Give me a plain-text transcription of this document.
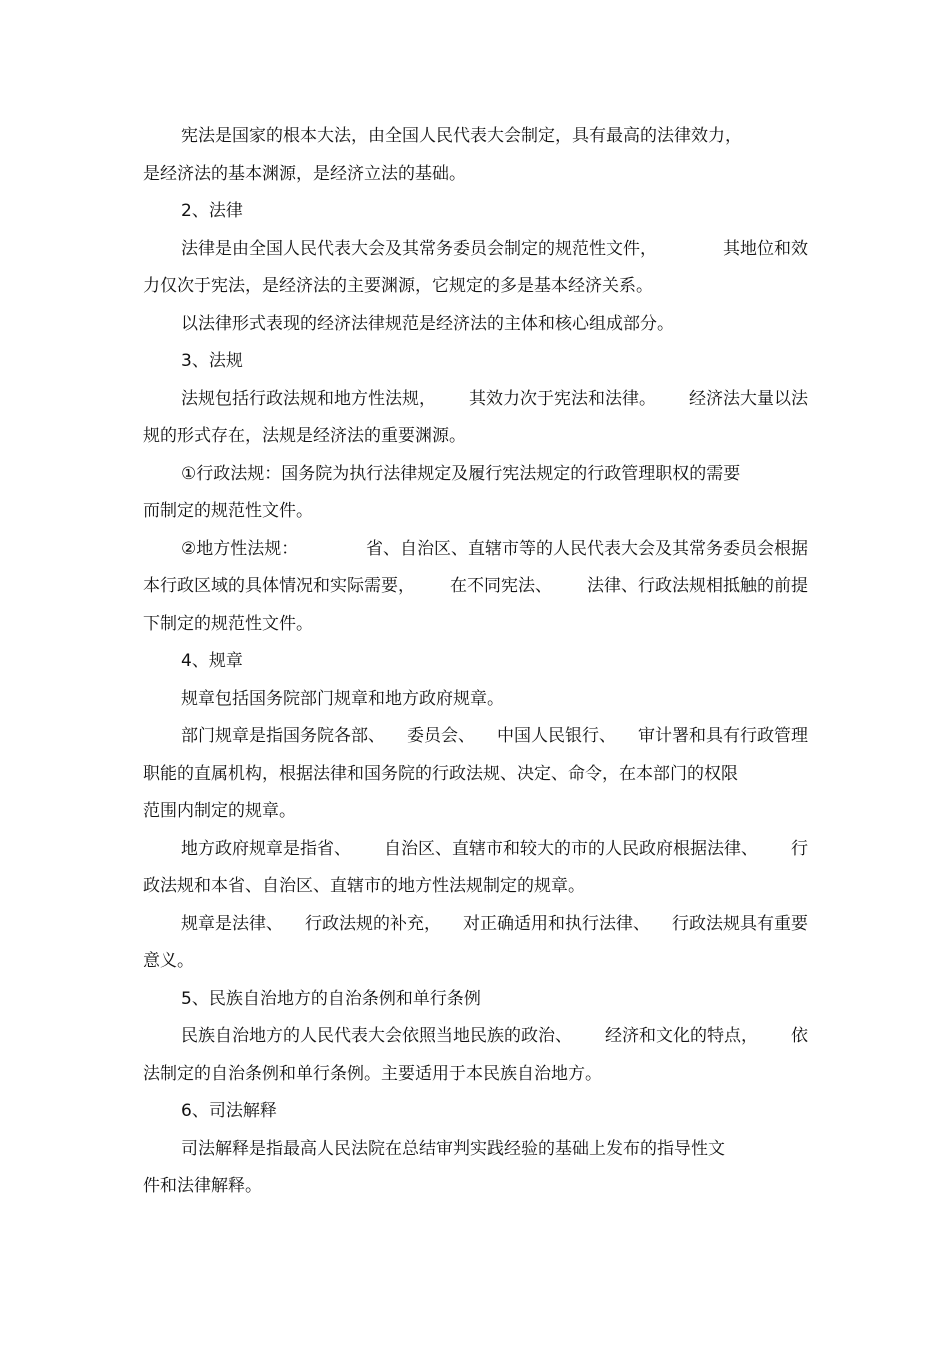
宪法是国家的根本大法，由全国人民代表大会制定，具有最高的法律效力，
是经济法的基本渊源，是经济立法的基础。

2、法律

法律是由全国人民代表大会及其常务委员会制定的规范性文件，	其地位和效
力仅次于宪法，是经济法的主要渊源，它规定的多是基本经济关系。

以法律形式表现的经济法律规范是经济法的主体和核心组成部分。

3、法规

法规包括行政法规和地方性法规， 其效力次于宪法和法律。 经济法大量以法
规的形式存在，法规是经济法的重要渊源。

①行政法规：国务院为执行法律规定及履行宪法规定的行政管理职权的需要
而制定的规范性文件。

②地方性法规：	省、自治区、直辖市等的人民代表大会及其常务委员会根据
本行政区域的具体情况和实际需要， 在不同宪法、 法律、行政法规相抵触的前提
下制定的规范性文件。

4、规章

规章包括国务院部门规章和地方政府规章。

部门规章是指国务院各部、 委员会、 中国人民银行、 审计署和具有行政管理
职能的直属机构，根据法律和国务院的行政法规、决定、命令，在本部门的权限
范围内制定的规章。

地方政府规章是指省、 自治区、直辖市和较大的市的人民政府根据法律、 行
政法规和本省、自治区、直辖市的地方性法规制定的规章。

规章是法律、 行政法规的补充， 对正确适用和执行法律、 行政法规具有重要
意义。

5、民族自治地方的自治条例和单行条例

民族自治地方的人民代表大会依照当地民族的政治、 经济和文化的特点， 依
法制定的自治条例和单行条例。主要适用于本民族自治地方。

6、司法解释

司法解释是指最高人民法院在总结审判实践经验的基础上发布的指导性文
件和法律解释。
